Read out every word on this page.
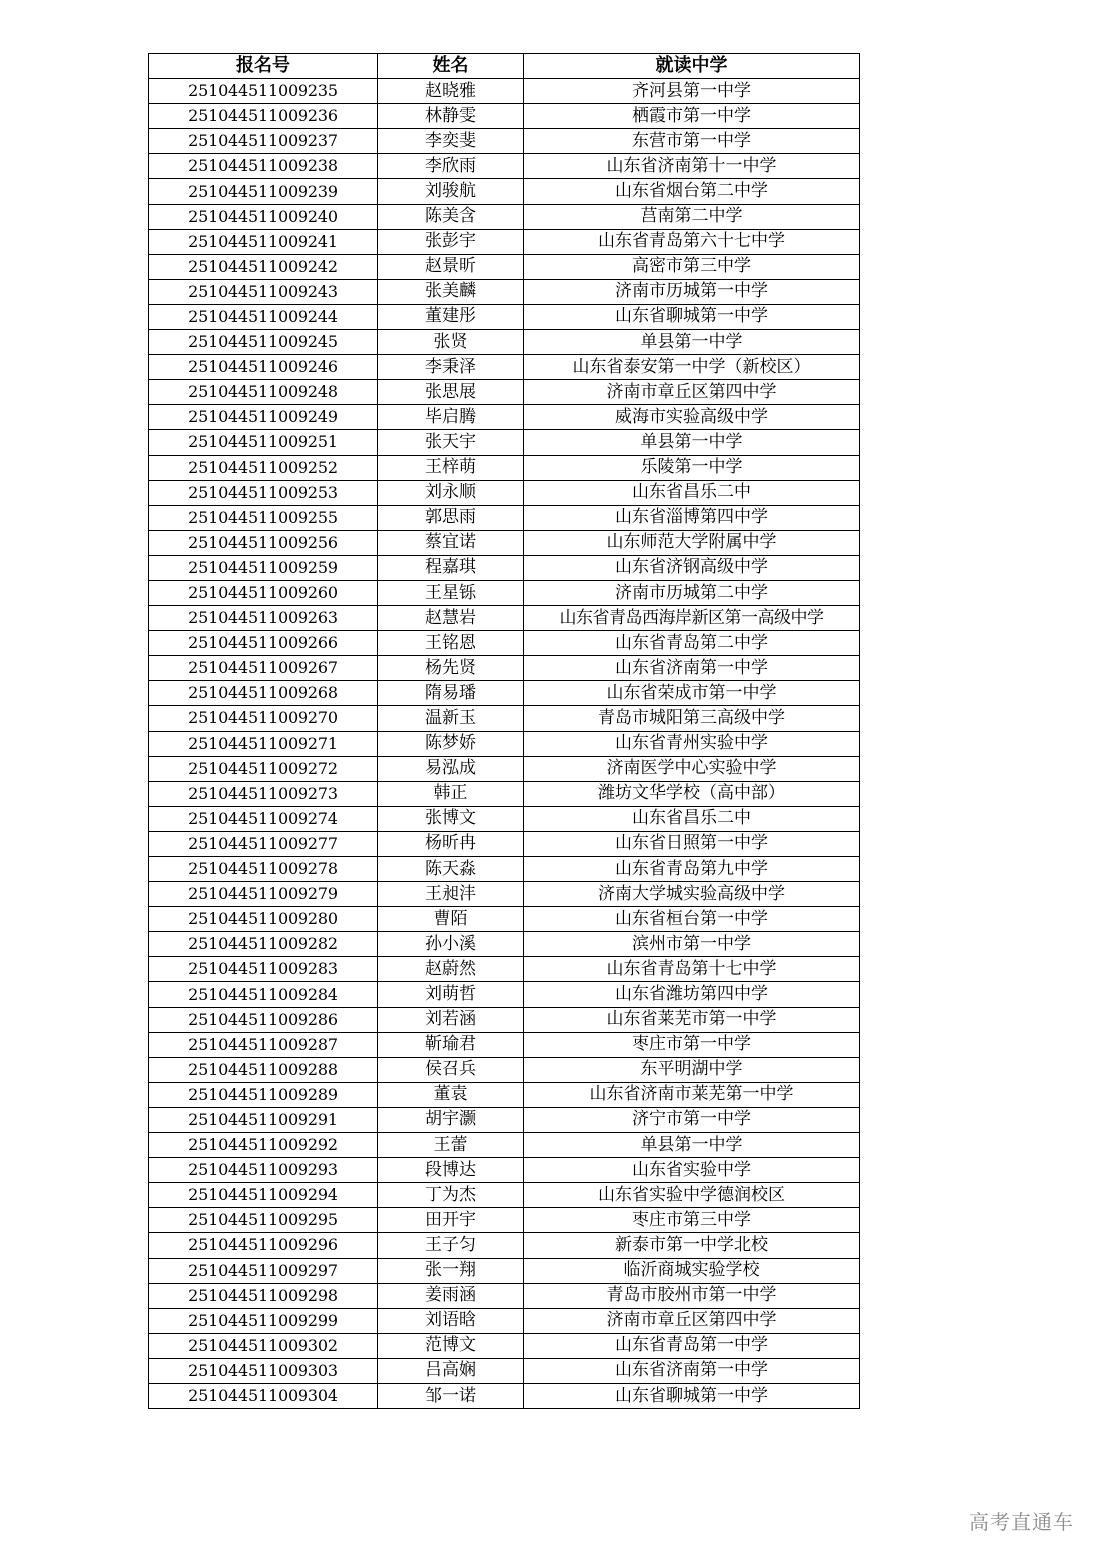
报名号	姓名	就读中学
251044511009235	赵晓雅	齐河县第一中学
251044511009236	林静雯	栖霞市第一中学
251044511009237	李奕斐	东营市第一中学
251044511009238	李欣雨	山东省济南第十一中学
251044511009239	刘骏航	山东省烟台第二中学
251044511009240	陈美含	莒南第二中学
251044511009241	张彭宇	山东省青岛第六十七中学
251044511009242	赵景昕	高密市第三中学
251044511009243	张美麟	济南市历城第一中学
251044511009244	董建彤	山东省聊城第一中学
251044511009245	张贤	单县第一中学
251044511009246	李秉泽	山东省泰安第一中学（新校区）
251044511009248	张思展	济南市章丘区第四中学
251044511009249	毕启腾	威海市实验高级中学
251044511009251	张天宇	单县第一中学
251044511009252	王梓萌	乐陵第一中学
251044511009253	刘永顺	山东省昌乐二中
251044511009255	郭思雨	山东省淄博第四中学
251044511009256	蔡宜诺	山东师范大学附属中学
251044511009259	程嘉琪	山东省济钢高级中学
251044511009260	王星铄	济南市历城第二中学
251044511009263	赵慧岩	山东省青岛西海岸新区第一高级中学
251044511009266	王铭恩	山东省青岛第二中学
251044511009267	杨先贤	山东省济南第一中学
251044511009268	隋易璠	山东省荣成市第一中学
251044511009270	温新玉	青岛市城阳第三高级中学
251044511009271	陈梦娇	山东省青州实验中学
251044511009272	易泓成	济南医学中心实验中学
251044511009273	韩正	潍坊文华学校（高中部）
251044511009274	张博文	山东省昌乐二中
251044511009277	杨昕冉	山东省日照第一中学
251044511009278	陈天淼	山东省青岛第九中学
251044511009279	王昶沣	济南大学城实验高级中学
251044511009280	曹陌	山东省桓台第一中学
251044511009282	孙小溪	滨州市第一中学
251044511009283	赵蔚然	山东省青岛第十七中学
251044511009284	刘萌哲	山东省潍坊第四中学
251044511009286	刘若涵	山东省莱芜市第一中学
251044511009287	靳瑜君	枣庄市第一中学
251044511009288	侯召兵	东平明湖中学
251044511009289	董袁	山东省济南市莱芜第一中学
251044511009291	胡宇灏	济宁市第一中学
251044511009292	王蕾	单县第一中学
251044511009293	段博达	山东省实验中学
251044511009294	丁为杰	山东省实验中学德润校区
251044511009295	田开宇	枣庄市第三中学
251044511009296	王子匀	新泰市第一中学北校
251044511009297	张一翔	临沂商城实验学校
251044511009298	姜雨涵	青岛市胶州市第一中学
251044511009299	刘语晗	济南市章丘区第四中学
251044511009302	范博文	山东省青岛第一中学
251044511009303	吕高娴	山东省济南第一中学
251044511009304	邹一诺	山东省聊城第一中学
高考直通车
